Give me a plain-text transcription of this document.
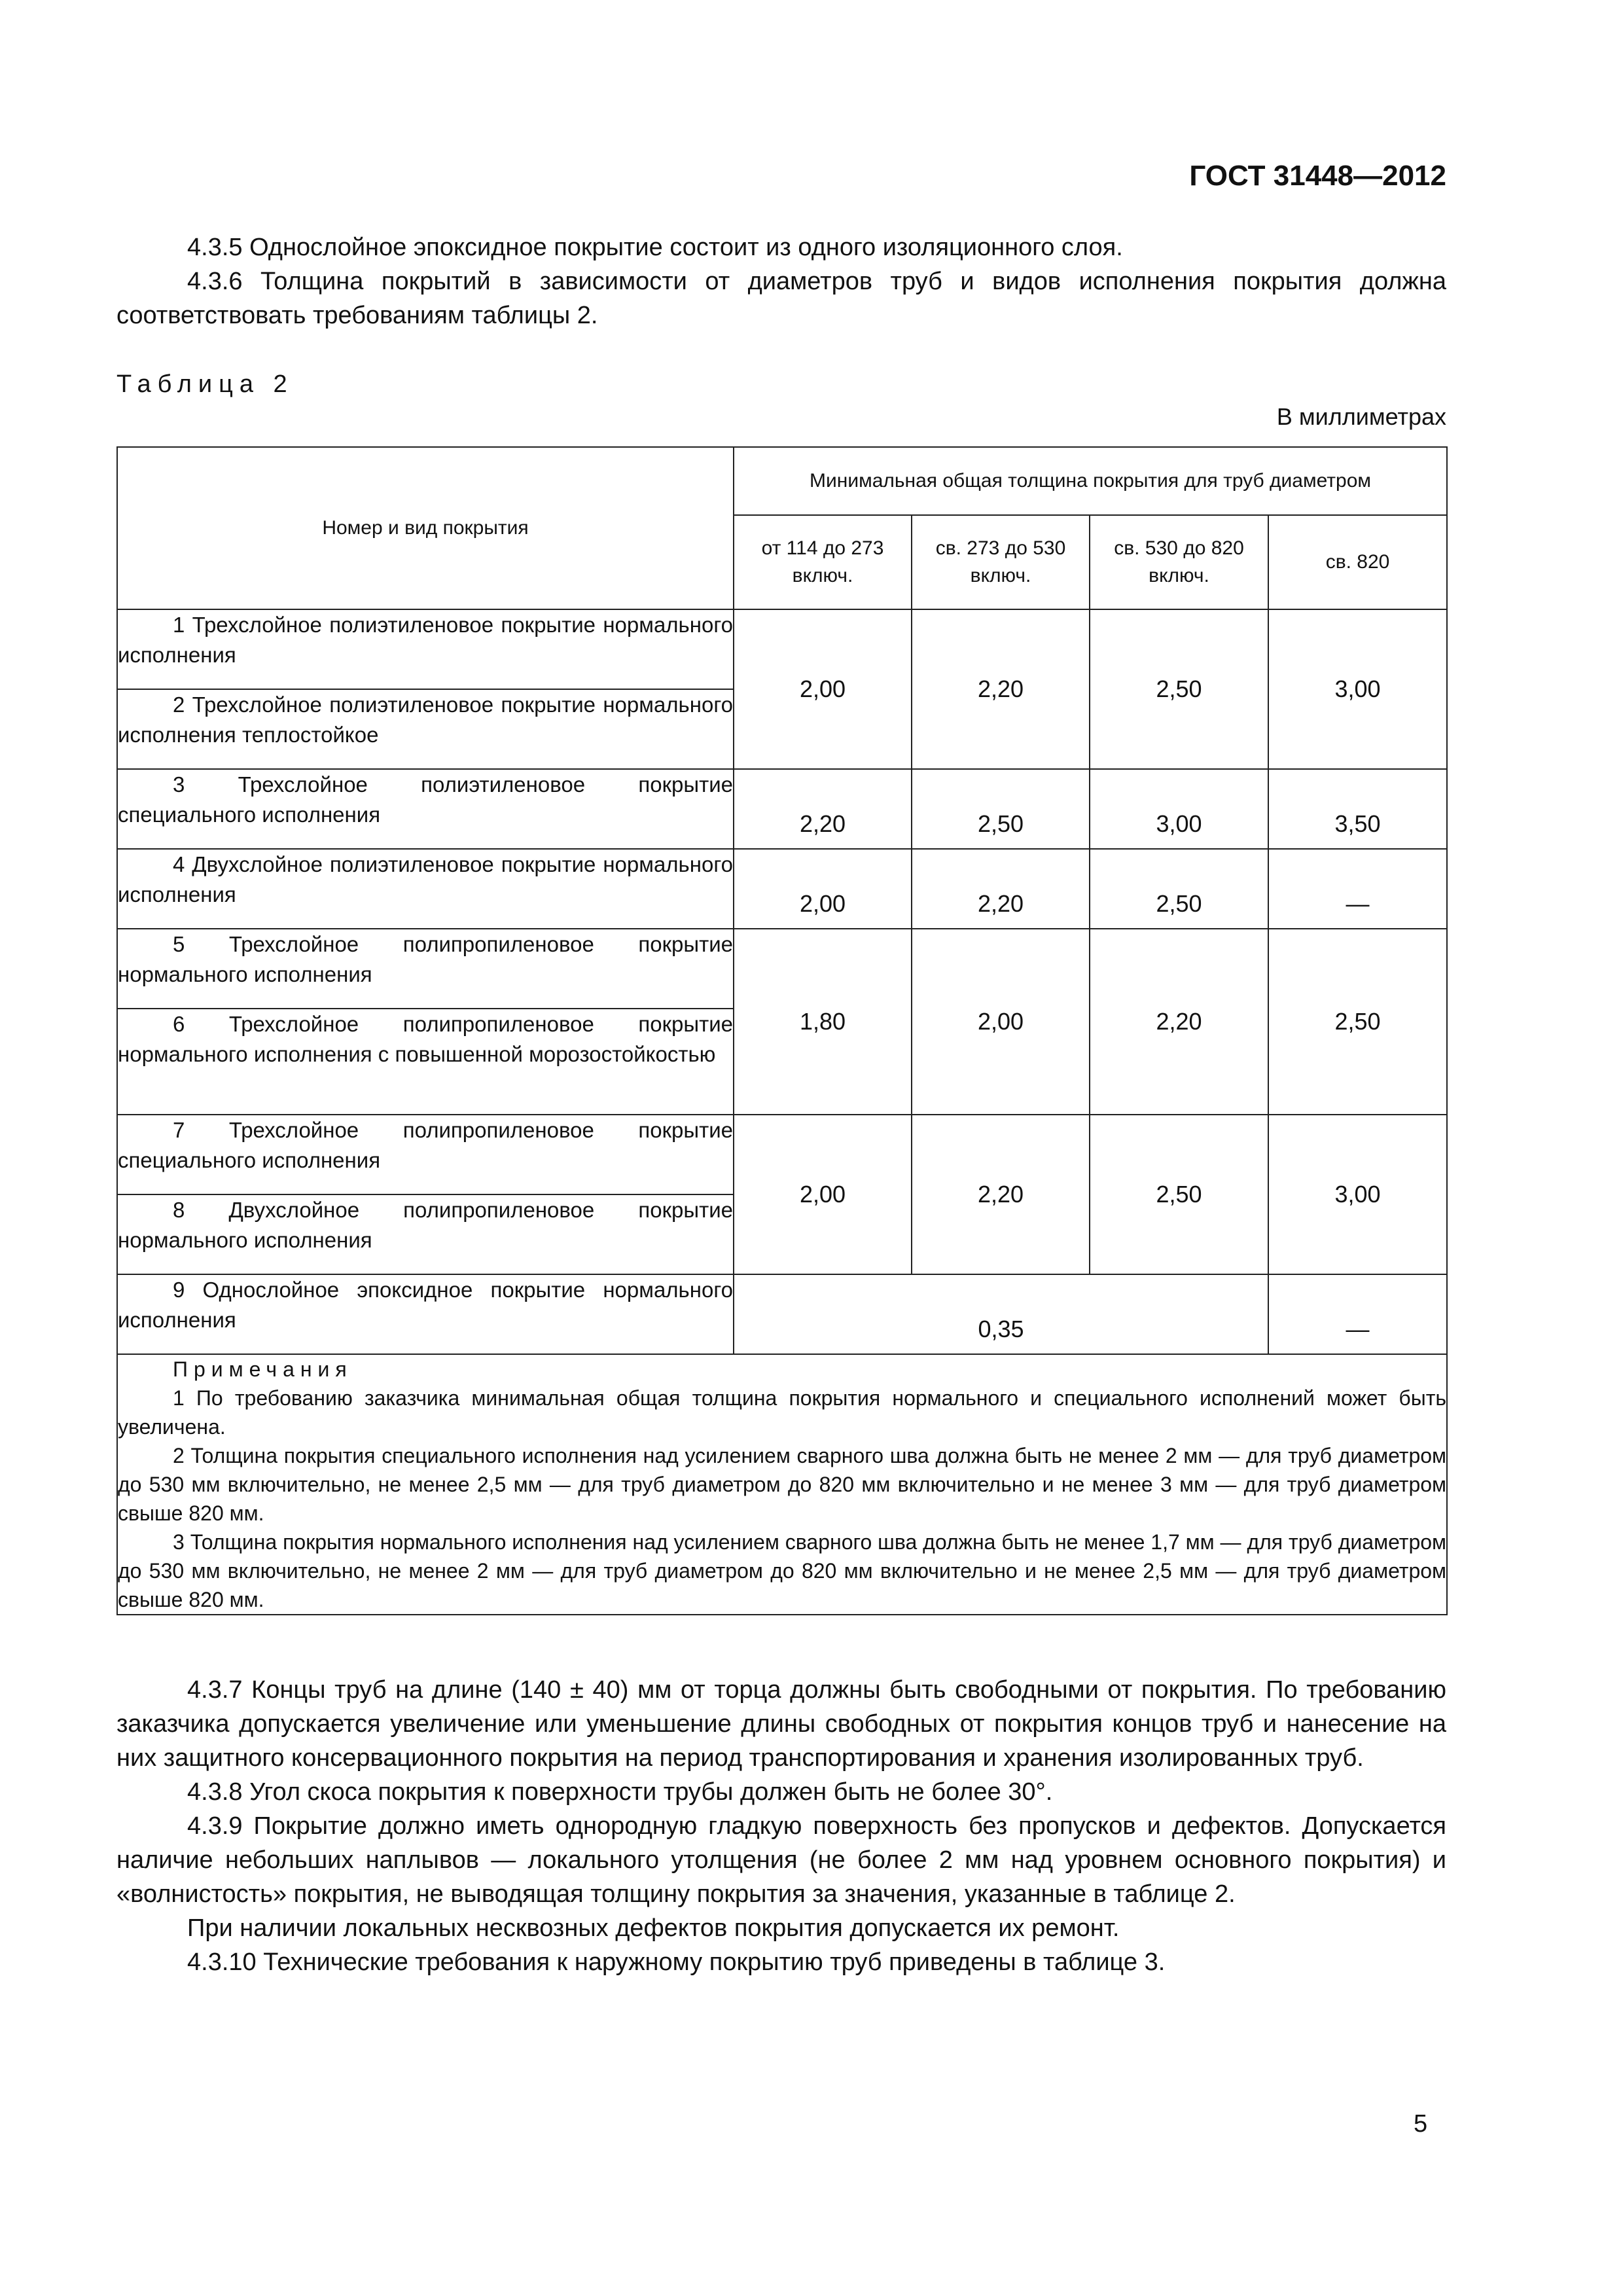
ГОСТ 31448—2012

4.3.5 Однослойное эпоксидное покрытие состоит из одного изоляционного слоя.

4.3.6 Толщина покрытий в зависимости от диаметров труб и видов исполнения покрытия должна соответствовать требованиям таблицы 2.

Таблица 2
В миллиметрах
Номер и вид покрытия	Минимальная общая толщина покрытия для труб диаметром			
	от 114 до 273 включ.	св. 273 до 530 включ.	св. 530 до 820 включ.	св. 820

1 Трехслойное полиэтиленовое покрытие нормального исполнения	2,00	2,20	2,50	3,00

2 Трехслойное полиэтиленовое покрытие нормального исполнения теплостойкое				

3 Трехслойное полиэтиленовое покрытие специального исполнения	2,20	2,50	3,00	3,50

4 Двухслойное полиэтиленовое покрытие нормального исполнения	2,00	2,20	2,50	—

5 Трехслойное полипропиленовое покрытие нормального исполнения	1,80	2,00	2,20	2,50

6 Трехслойное полипропиленовое покрытие нормального исполнения с повышенной морозостойкостью				

7 Трехслойное полипропиленовое покрытие специального исполнения	2,00	2,20	2,50	3,00

8 Двухслойное полипропиленовое покрытие нормального исполнения				

9 Однослойное эпоксидное покрытие нормального исполнения	0,35			—

Примечания
1 По требованию заказчика минимальная общая толщина покрытия нормального и специального исполнений может быть увеличена.
2 Толщина покрытия специального исполнения над усилением сварного шва должна быть не менее 2 мм — для труб диаметром до 530 мм включительно, не менее 2,5 мм — для труб диаметром до 820 мм включительно и не менее 3 мм — для труб диаметром свыше 820 мм.
3 Толщина покрытия нормального исполнения над усилением сварного шва должна быть не менее 1,7 мм — для труб диаметром до 530 мм включительно, не менее 2 мм — для труб диаметром до 820 мм включительно и не менее 2,5 мм — для труб диаметром свыше 820 мм.				

4.3.7 Концы труб на длине (140 ± 40) мм от торца должны быть свободными от покрытия. По требованию заказчика допускается увеличение или уменьшение длины свободных от покрытия концов труб и нанесение на них защитного консервационного покрытия на период транспортирования и хранения изолированных труб.

4.3.8 Угол скоса покрытия к поверхности трубы должен быть не более 30°.

4.3.9 Покрытие должно иметь однородную гладкую поверхность без пропусков и дефектов. Допускается наличие небольших наплывов — локального утолщения (не более 2 мм над уровнем основного покрытия) и «волнистость» покрытия, не выводящая толщину покрытия за значения, указанные в таблице 2.

При наличии локальных несквозных дефектов покрытия допускается их ремонт.

4.3.10 Технические требования к наружному покрытию труб приведены в таблице 3.

5
